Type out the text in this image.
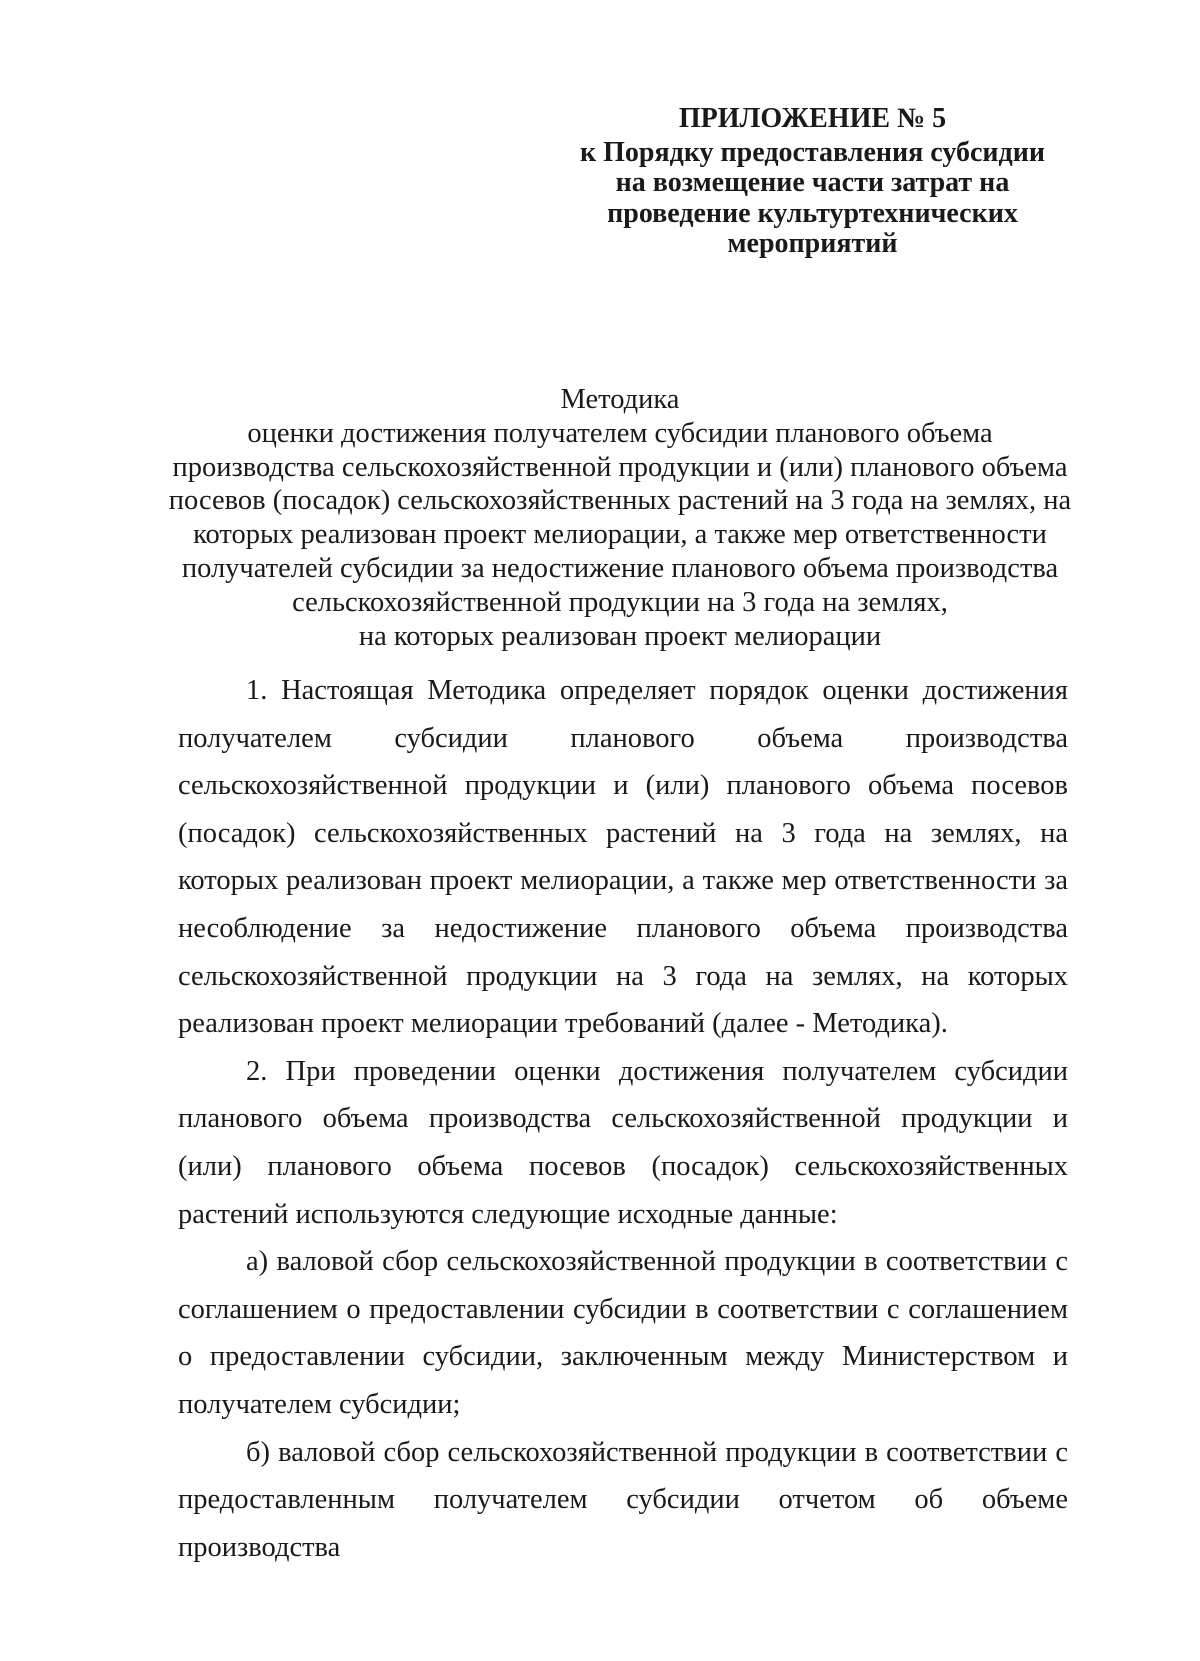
ПРИЛОЖЕНИЕ № 5
к Порядку предоставления субсидии
на возмещение части затрат на
проведение культуртехнических
мероприятий
Методика
оценки достижения получателем субсидии планового объема
производства сельскохозяйственной продукции и (или) планового объема
посевов (посадок) сельскохозяйственных растений на 3 года на землях, на
которых реализован проект мелиорации, а также мер ответственности
получателей субсидии за недостижение планового объема производства
сельскохозяйственной продукции на 3 года на землях,
на которых реализован проект мелиорации

1. Настоящая Методика определяет порядок оценки достижения получателем субсидии планового объема производства сельскохозяйственной продукции и (или) планового объема посевов (посадок) сельскохозяйственных растений на 3 года на землях, на которых реализован проект мелиорации, а также мер ответственности за несоблюдение за недостижение планового объема производства сельскохозяйственной продукции на 3 года на землях, на которых реализован проект мелиорации требований (далее - Методика).

2. При проведении оценки достижения получателем субсидии планового объема производства сельскохозяйственной продукции и (или) планового объема посевов (посадок) сельскохозяйственных растений используются следующие исходные данные:

а) валовой сбор сельскохозяйственной продукции в соответствии с соглашением о предоставлении субсидии в соответствии с соглашением о предоставлении субсидии, заключенным между Министерством и получателем субсидии;

б) валовой сбор сельскохозяйственной продукции в соответствии с предоставленным получателем субсидии отчетом об объеме производства
